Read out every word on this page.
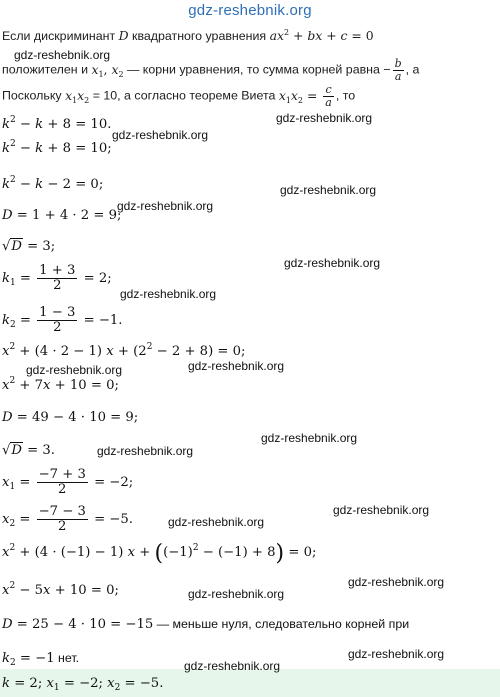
gdz-reshebnik.org
Если дискриминант D квадратного уравнения $ax^2$ + bx + c = 0
положителен и $x_1$, $x_2$ — корни уравнения, то сумма корней равна − $\frac{b}{a}$ , а
Поскольку $x_1x_2 = 10$, а согласно теореме Виета $x_1x_2 = \frac{c}{a}$ , то
$k^2 - k + 8 = 10$.
$k^2 - k + 8 = 10$;
$k^2 - k - 2 = 0$;
D = 1 + 4 · 2 = 9;
√D = 3;
$k_1 = \frac{1 + 3}{2} = 2$;
$k_2 = \frac{1 - 3}{2} = -1$.
$x^2 + (4 \cdot 2 - 1) x + (2^2 - 2 + 8) = 0$;
$x^2 + 7x + 10 = 0$;
D = 49 − 4 · 10 = 9;
√D = 3.
$x_1 = \frac{-7 + 3}{2} = -2$;
$x_2 = \frac{-7 - 3}{2} = -5$.
$x^2 + (4 \cdot (-1) - 1) x + ((-1)^2 - (-1) + 8) = 0$;
$x^2 - 5x + 10 = 0$;
D = 25 − 4 · 10 = −15 — меньше нуля, следовательно корней при
$k_2 = -1$ нет.
k = 2; $x_1 = -2$; $x_2 = -5$.
gdz-reshebnik.org
gdz-reshebnik.org
gdz-reshebnik.org
gdz-reshebnik.org
gdz-reshebnik.org
gdz-reshebnik.org
gdz-reshebnik.org
gdz-reshebnik.org
gdz-reshebnik.org
gdz-reshebnik.org
gdz-reshebnik.org
gdz-reshebnik.org
gdz-reshebnik.org
gdz-reshebnik.org
gdz-reshebnik.org
gdz-reshebnik.org
gdz-reshebnik.org
